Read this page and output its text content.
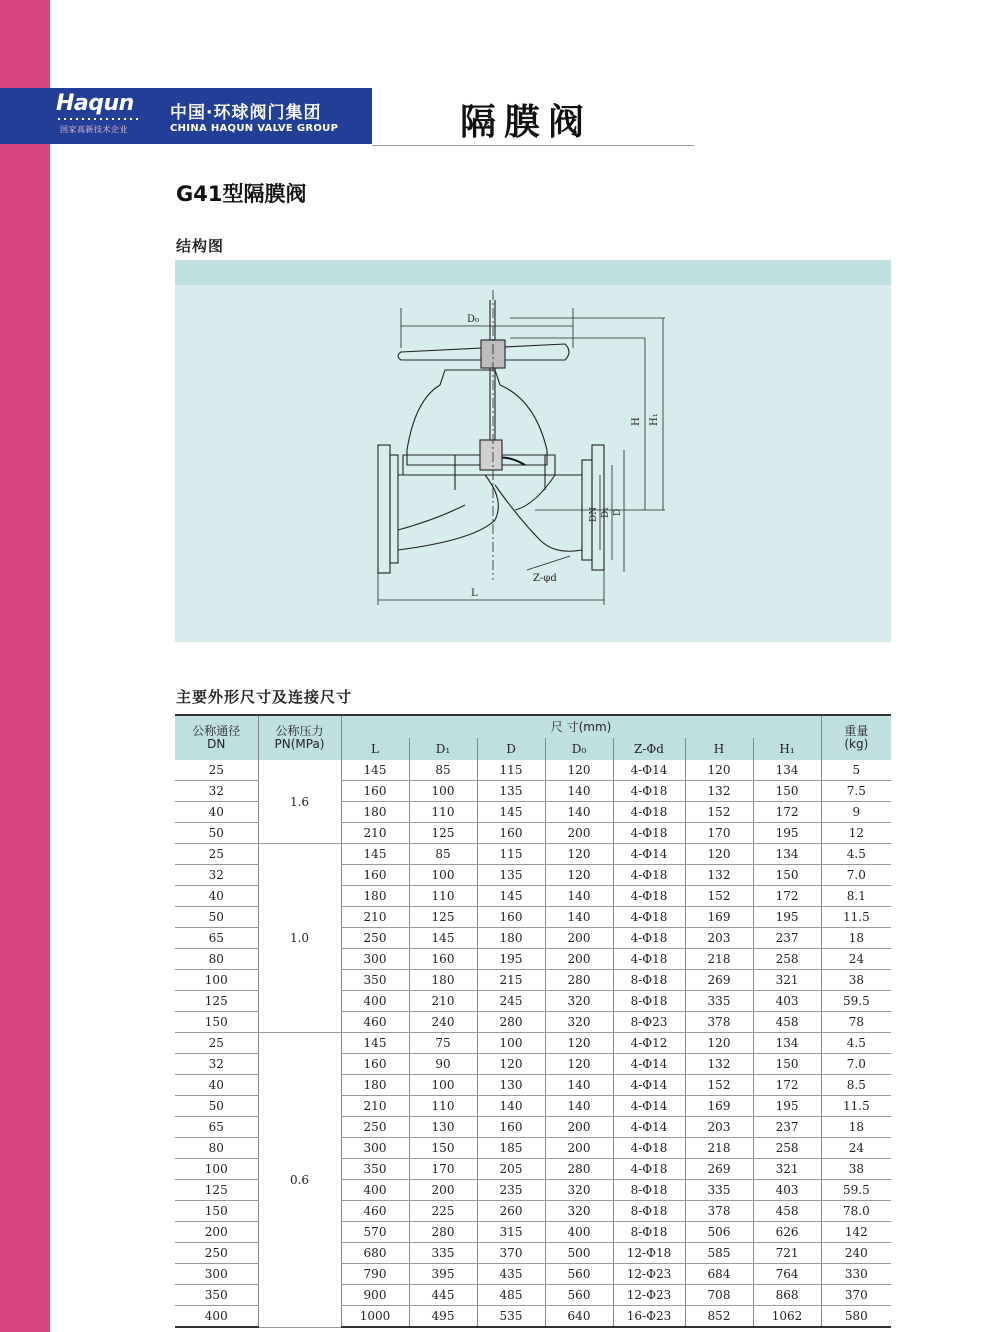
Haqun
国家高新技术企业
中国·环球阀门集团
CHINA HAQUN VALVE GROUP	隔膜阀
G41型隔膜阀
结构图
D₀
H H₁
DN D₁ D
Z-φd
L
主要外形尺寸及连接尺寸
公称通径
DN	公称压力
PN(MPa)	尺 寸(mm)							重量
(kg)
		L	D₁	D	D₀	Z-Φd	H	H₁	
25	1.6	145	85	115	120	4-Φ14	120	134	5
32		160	100	135	140	4-Φ18	132	150	7.5
40		180	110	145	140	4-Φ18	152	172	9
50		210	125	160	200	4-Φ18	170	195	12
25	1.0	145	85	115	120	4-Φ14	120	134	4.5
32		160	100	135	120	4-Φ18	132	150	7.0
40		180	110	145	140	4-Φ18	152	172	8.1
50		210	125	160	140	4-Φ18	169	195	11.5
65		250	145	180	200	4-Φ18	203	237	18
80		300	160	195	200	4-Φ18	218	258	24
100		350	180	215	280	8-Φ18	269	321	38
125		400	210	245	320	8-Φ18	335	403	59.5
150		460	240	280	320	8-Φ23	378	458	78
25	0.6	145	75	100	120	4-Φ12	120	134	4.5
32		160	90	120	120	4-Φ14	132	150	7.0
40		180	100	130	140	4-Φ14	152	172	8.5
50		210	110	140	140	4-Φ14	169	195	11.5
65		250	130	160	200	4-Φ14	203	237	18
80		300	150	185	200	4-Φ18	218	258	24
100		350	170	205	280	4-Φ18	269	321	38
125		400	200	235	320	8-Φ18	335	403	59.5
150		460	225	260	320	8-Φ18	378	458	78.0
200		570	280	315	400	8-Φ18	506	626	142
250		680	335	370	500	12-Φ18	585	721	240
300		790	395	435	560	12-Φ23	684	764	330
350		900	445	485	560	12-Φ23	708	868	370
400		1000	495	535	640	16-Φ23	852	1062	580
